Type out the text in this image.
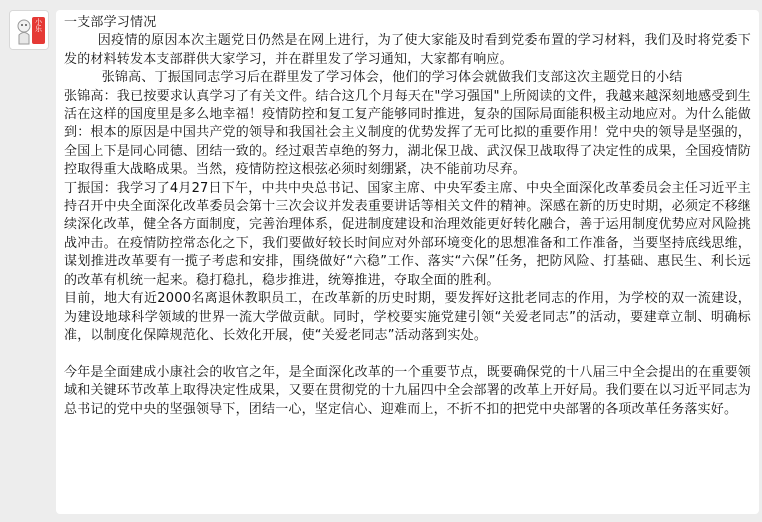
小乐 一支部学习情况

因疫情的原因本次主题党日仍然是在网上进行，为了使大家能及时看到党委布置的学习材料，我们及时将党委下发的材料转发本支部群供大家学习，并在群里发了学习通知，大家都有响应。

张锦高、丁振国同志学习后在群里发了学习体会，他们的学习体会就做我们支部这次主题党日的小结

张锦高：我已按要求认真学习了有关文件。结合这几个月每天在"学习强国"上所阅读的文件，我越来越深刻地感受到生活在这样的国度里是多么地幸福！疫情防控和复工复产能够同时推进，复杂的国际局面能积极主动地应对。为什么能做到：根本的原因是中国共产党的领导和我国社会主义制度的优势发挥了无可比拟的重要作用！党中央的领导是坚强的，全国上下是同心同德、团结一致的。经过艰苦卓绝的努力，湖北保卫战、武汉保卫战取得了决定性的成果，全国疫情防控取得重大战略成果。当然，疫情防控这根弦必须时刻绷紧，决不能前功尽弃。

丁振国：我学习了4月27日下午，中共中央总书记、国家主席、中央军委主席、中央全面深化改革委员会主任习近平主持召开中央全面深化改革委员会第十三次会议并发表重要讲话等相关文件的精神。深感在新的历史时期，必须定不移继续深化改革，健全各方面制度，完善治理体系，促进制度建设和治理效能更好转化融合，善于运用制度优势应对风险挑战冲击。在疫情防控常态化之下，我们要做好较长时间应对外部环境变化的思想准备和工作准备，当要坚持底线思维，谋划推进改革要有一揽子考虑和安排，围绕做好“六稳”工作、落实“六保”任务，把防风险、打基础、惠民生、利长远的改革有机统一起来。稳打稳扎，稳步推进，统筹推进，夺取全面的胜利。

目前，地大有近2000名离退休教职员工，在改革新的历史时期，要发挥好这批老同志的作用，为学校的双一流建设，为建设地球科学领域的世界一流大学做贡献。同时，学校要实施党建引领“关爱老同志”的活动，要建章立制、明确标准，以制度化保障规范化、长效化开展，使“关爱老同志”活动落到实处。

今年是全面建成小康社会的收官之年，是全面深化改革的一个重要节点，既要确保党的十八届三中全会提出的在重要领域和关键环节改革上取得决定性成果，又要在贯彻党的十九届四中全会部署的改革上开好局。我们要在以习近平同志为总书记的党中央的坚强领导下，团结一心，坚定信心、迎难而上，不折不扣的把党中央部署的各项改革任务落实好。
